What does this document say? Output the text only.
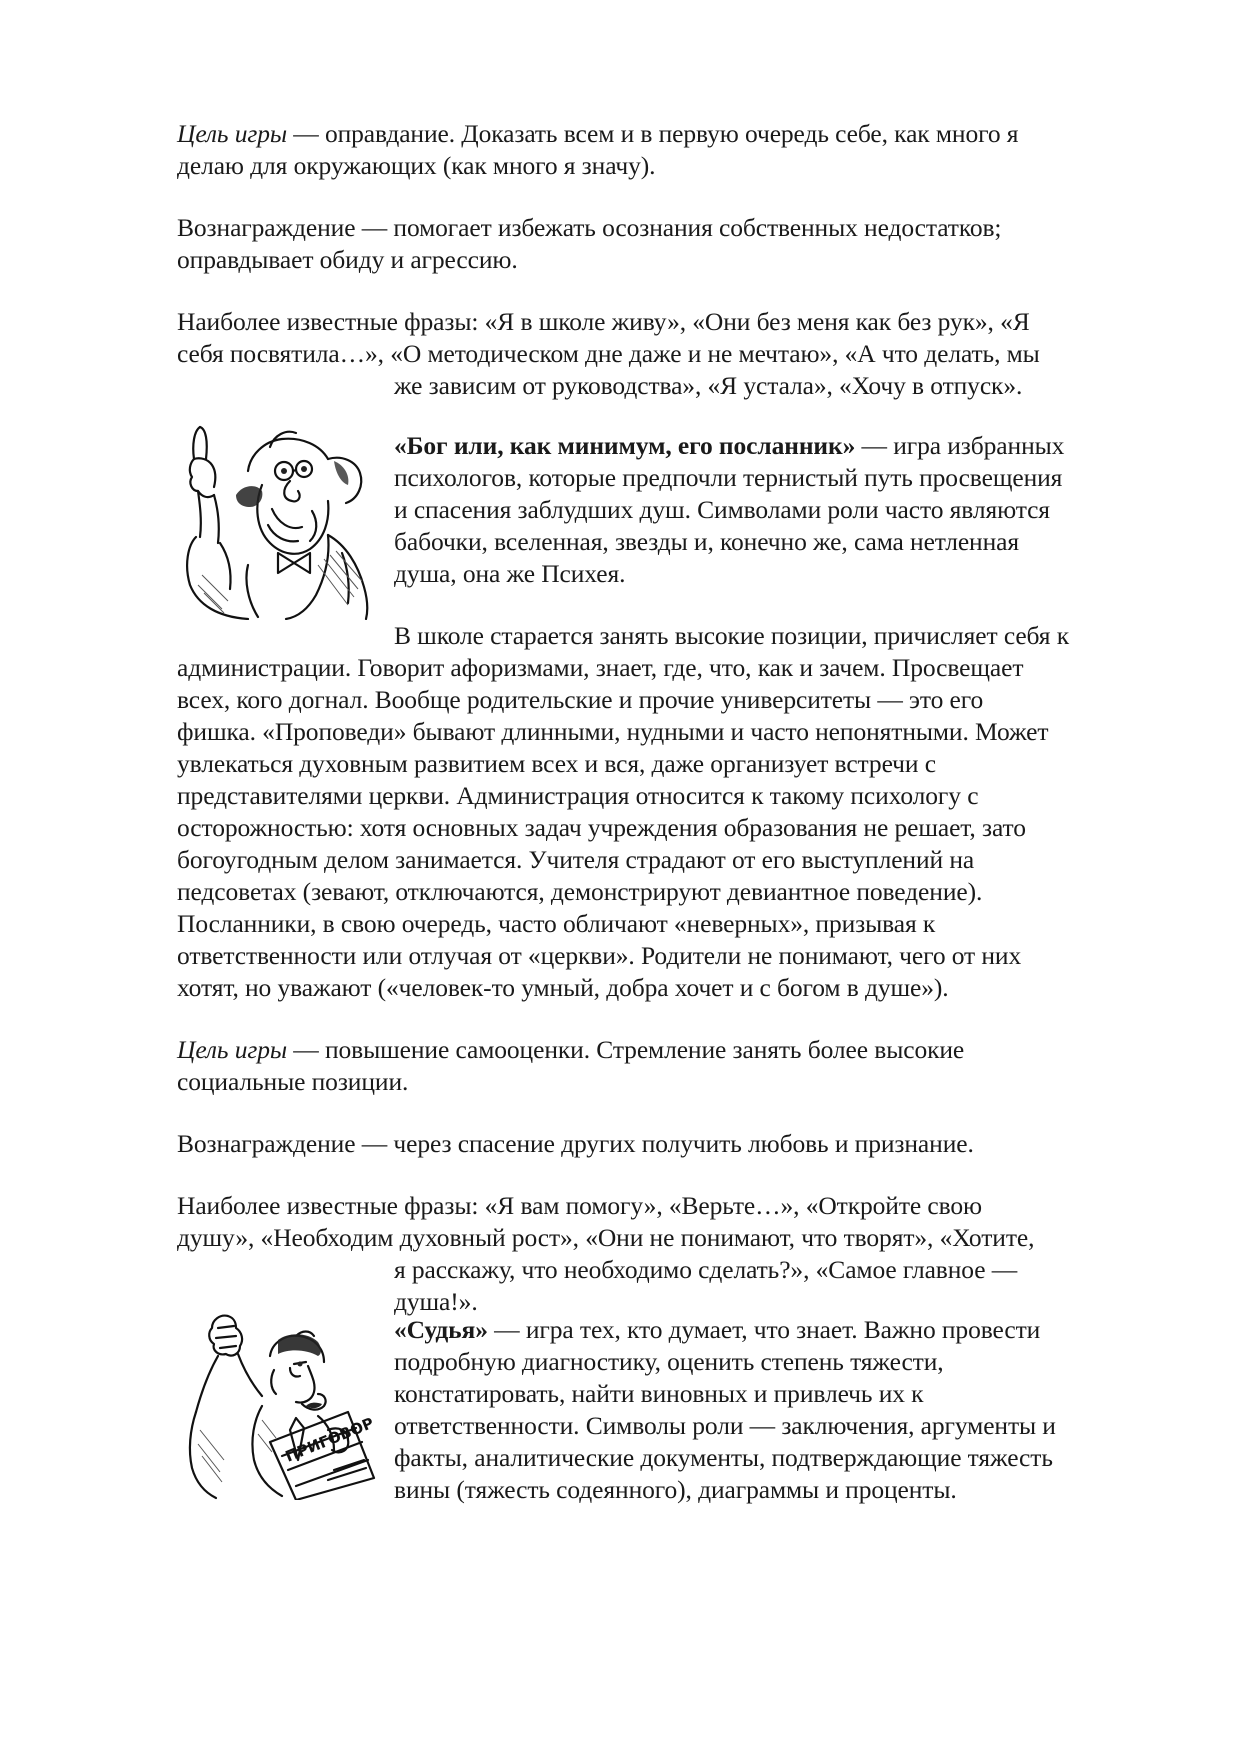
Цель игры — оправдание. Доказать всем и в первую очередь себе, как много я
делаю для окружающих (как много я значу).
Вознаграждение — помогает избежать осознания собственных недостатков;
оправдывает обиду и агрессию.
Наиболее известные фразы: «Я в школе живу», «Они без меня как без рук», «Я
себя посвятила…», «О методическом дне даже и не мечтаю», «А что делать, мы
же зависим от руководства», «Я устала», «Хочу в отпуск».
«Бог или, как минимум, его посланник» — игра избранных
психологов, которые предпочли тернистый путь просвещения
и спасения заблудших душ. Символами роли часто являются
бабочки, вселенная, звезды и, конечно же, сама нетленная
душа, она же Психея.
В школе старается занять высокие позиции, причисляет себя к
администрации. Говорит афоризмами, знает, где, что, как и зачем. Просвещает
всех, кого догнал. Вообще родительские и прочие университеты — это его
фишка. «Проповеди» бывают длинными, нудными и часто непонятными. Может
увлекаться духовным развитием всех и вся, даже организует встречи с
представителями церкви. Администрация относится к такому психологу с
осторожностью: хотя основных задач учреждения образования не решает, зато
богоугодным делом занимается. Учителя страдают от его выступлений на
педсоветах (зевают, отключаются, демонстрируют девиантное поведение).
Посланники, в свою очередь, часто обличают «неверных», призывая к
ответственности или отлучая от «церкви». Родители не понимают, чего от них
хотят, но уважают («человек-то умный, добра хочет и с богом в душе»).
Цель игры — повышение самооценки. Стремление занять более высокие
социальные позиции.
Вознаграждение — через спасение других получить любовь и признание.
Наиболее известные фразы: «Я вам помогу», «Верьте…», «Откройте свою
душу», «Необходим духовный рост», «Они не понимают, что творят», «Хотите,
я расскажу, что необходимо сделать?», «Самое главное —
душа!».
ПРИГОВОР
«Судья» — игра тех, кто думает, что знает. Важно провести
подробную диагностику, оценить степень тяжести,
констатировать, найти виновных и привлечь их к
ответственности. Символы роли — заключения, аргументы и
факты, аналитические документы, подтверждающие тяжесть
вины (тяжесть содеянного), диаграммы и проценты.
